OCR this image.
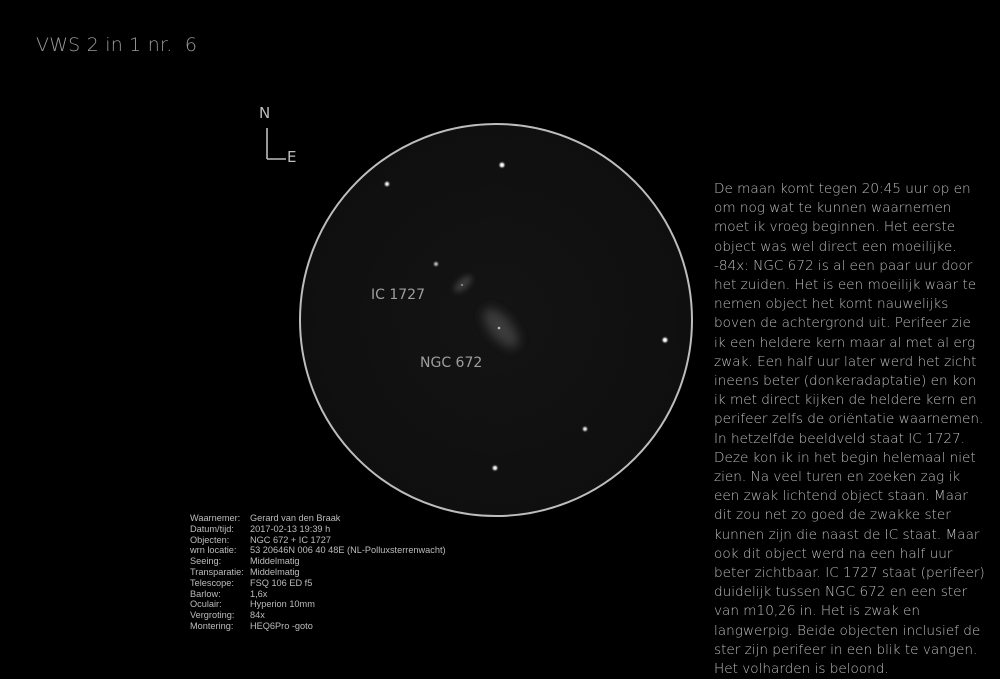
VWS 2 in 1 nr.  6
N
E
IC 1727
NGC 672

De maan komt tegen 20:45 uur op en om nog wat te kunnen waarnemen moet ik vroeg beginnen. Het eerste object was wel direct een moeilijke.

-84x: NGC 672 is al een paar uur door het zuiden. Het is een moeilijk waar te nemen object het komt nauwelijks boven de achtergrond uit. Perifeer zie ik een heldere kern maar al met al erg zwak. Een half uur later werd het zicht ineens beter (donkeradaptatie) en kon ik met direct kijken de heldere kern en perifeer zelfs de oriëntatie waarnemen.

In hetzelfde beeldveld staat IC 1727. Deze kon ik in het begin helemaal niet zien. Na veel turen en zoeken zag ik een zwak lichtend object staan. Maar dit zou net zo goed de zwakke ster kunnen zijn die naast de IC staat. Maar ook dit object werd na een half uur beter zichtbaar. IC 1727 staat (perifeer) duidelijk tussen NGC 672 en een ster van m10,26 in. Het is zwak en langwerpig. Beide objecten inclusief de ster zijn perifeer in een blik te vangen. Het volharden is beloond.

Waarnemer:	Gerard van den Braak
Datum/tijd:	2017-02-13 19:39 h
Objecten:	NGC 672 + IC 1727
wrn locatie:	53 20646N 006 40 48E (NL-Polluxsterrenwacht)
Seeing:	Middelmatig
Transparatie: Middelmatig
Telescope:	FSQ 106 ED f5
Barlow:	1,6x
Oculair:	Hyperion 10mm
Vergroting:	84x
Montering:	HEQ6Pro -goto
